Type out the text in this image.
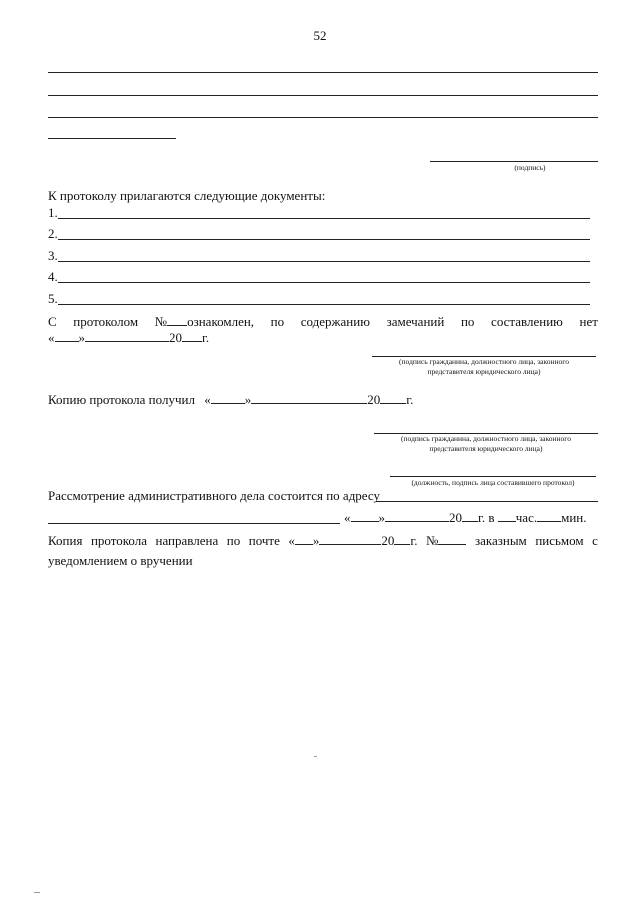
52
(подпись)
К протоколу прилагаются следующие документы:
1.
2.
3.
4.
5.
С протоколом № ознакомлен, по содержанию замечаний по составлению нет
« »	20 г.
(подпись гражданина, должностного лица, законного
представителя юридического лица)
Копию протокола получил «	»	20 г.
(подпись гражданина, должностного лица, законного
представителя юридического лица)
(должность, подпись лица составившего протокол)
Рассмотрение административного дела состоится по адресу
« »	20 г. в час. мин.
Копия протокола направлена по почте « »	20 г. №	заказным письмом с
уведомлением о вручении
